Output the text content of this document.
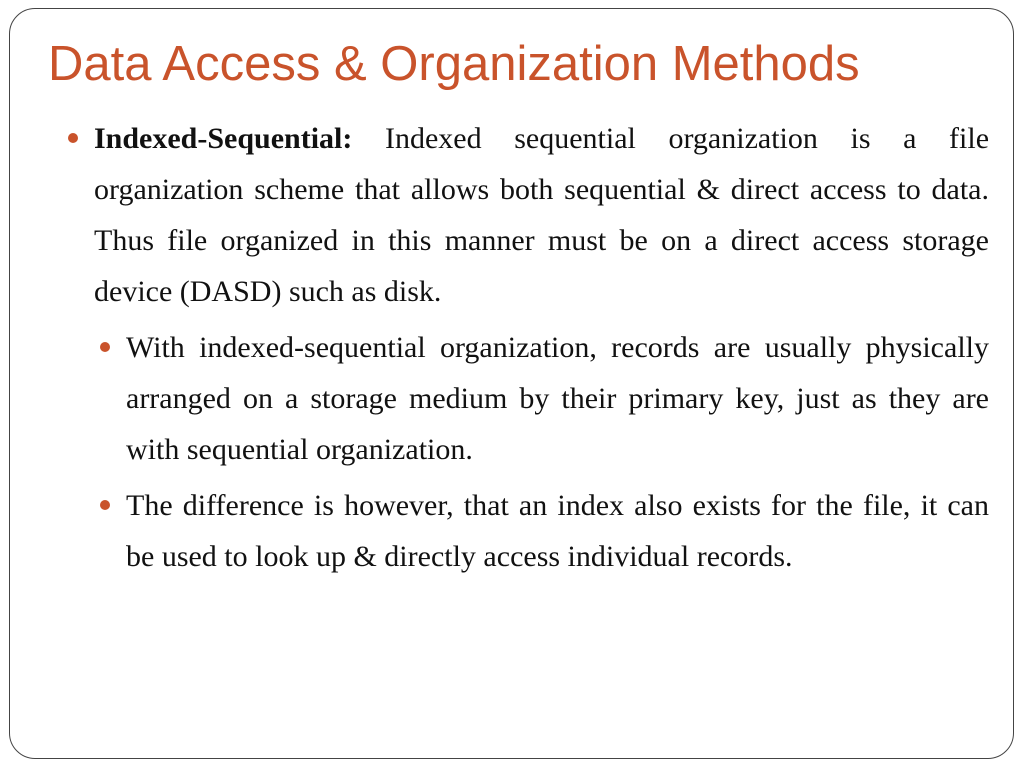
Data Access & Organization Methods

Indexed-Sequential: Indexed sequential organization is a file organization scheme that allows both sequential & direct access to data. Thus file organized in this manner must be on a direct access storage device (DASD) such as disk.

With indexed-sequential organization, records are usually physically arranged on a storage medium by their primary key, just as they are with sequential organization.

The difference is however, that an index also exists for the file, it can be used to look up & directly access individual records.
